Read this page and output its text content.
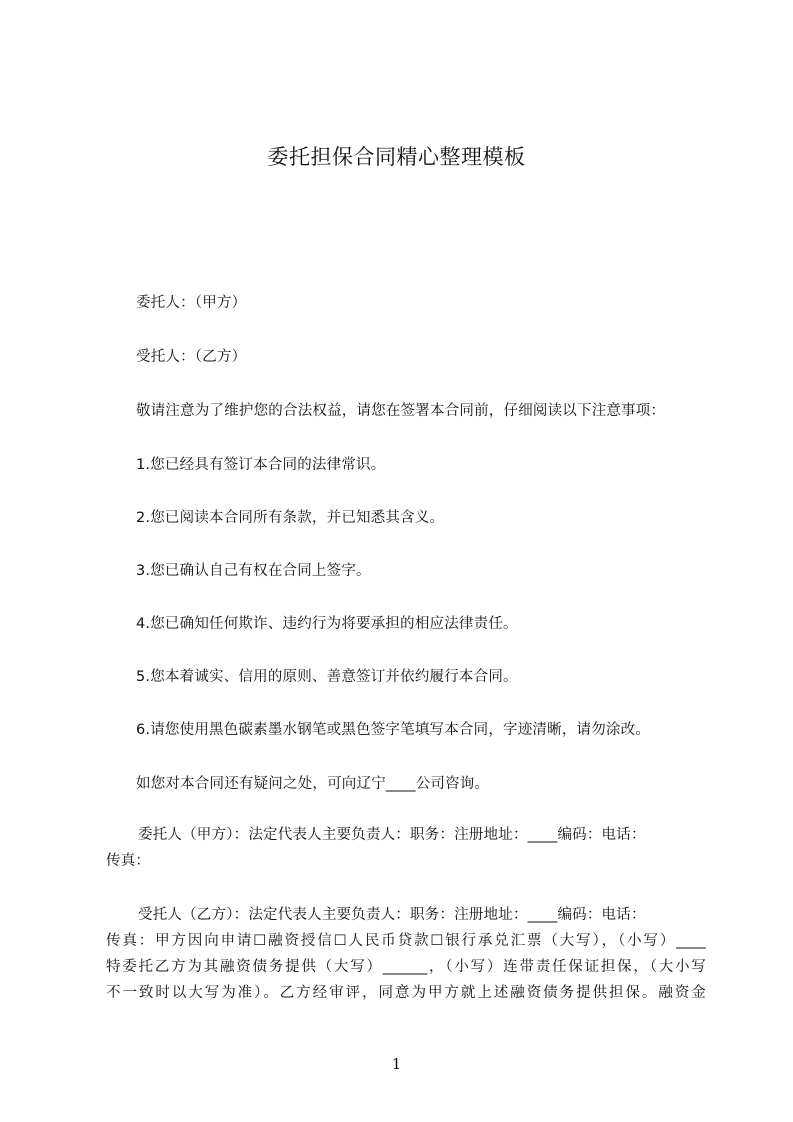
委托担保合同精心整理模板
委托人：（甲方）
受托人：（乙方）
敬请注意为了维护您的合法权益，请您在签署本合同前，仔细阅读以下注意事项：
1.您已经具有签订本合同的法律常识。
2.您已阅读本合同所有条款，并已知悉其含义。
3.您已确认自己有权在合同上签字。
4.您已确知任何欺诈、违约行为将要承担的相应法律责任。
5.您本着诚实、信用的原则、善意签订并依约履行本合同。
6.请您使用黑色碳素墨水钢笔或黑色签字笔填写本合同，字迹清晰，请勿涂改。
如您对本合同还有疑问之处，可向辽宁____公司咨询。
委托人（甲方）：法定代表人主要负责人：职务：注册地址：____编码：电话：
传真：
受托人（乙方）：法定代表人主要负责人：职务：注册地址：____编码：电话：
传真：甲方因向申请☐融资授信☐人民币贷款☐银行承兑汇票（大写），（小写）____
特委托乙方为其融资债务提供（大写）______，（小写）连带责任保证担保，（大小写
不一致时以大写为准）。乙方经审评，同意为甲方就上述融资债务提供担保。融资金
1
